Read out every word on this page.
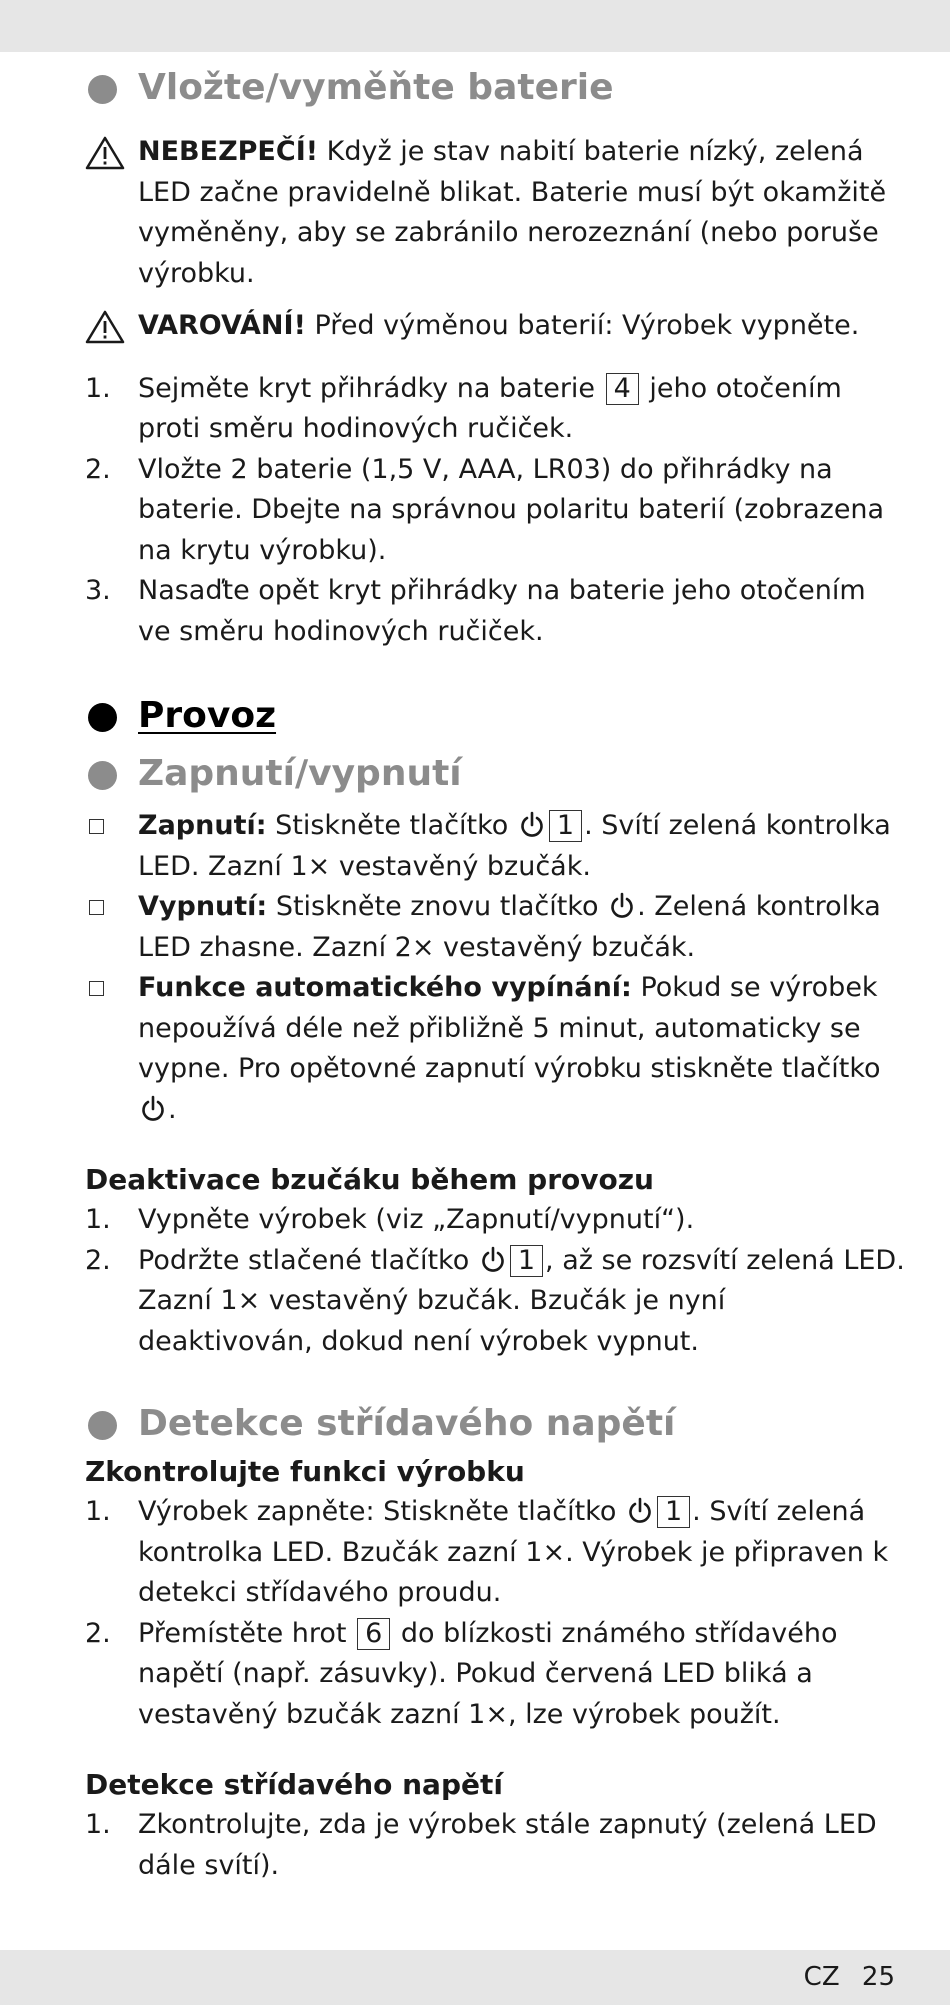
Vložte/vyměňte baterie
NEBEZPEČÍ! Když je stav nabití baterie nízký, zelená LED začne pravidelně blikat. Baterie musí být okamžitě vyměněny, aby se zabránilo nerozeznání (nebo poruše výrobku.
VAROVÁNÍ! Před výměnou baterií: Výrobek vypněte.
1. Sejměte kryt přihrádky na baterie 4 jeho otočením proti směru hodinových ručiček.
2. Vložte 2 baterie (1,5 V, AAA, LR03) do přihrádky na baterie. Dbejte na správnou polaritu baterií (zobrazena na krytu výrobku).
3. Nasaďte opět kryt přihrádky na baterie jeho otočením ve směru hodinových ručiček.
Provoz
Zapnutí/vypnutí
Zapnutí: Stiskněte tlačítko 1 . Svítí zelená kontrolka LED. Zazní 1× vestavěný bzučák.
Vypnutí: Stiskněte znovu tlačítko . Zelená kontrolka LED zhasne. Zazní 2× vestavěný bzučák.
Funkce automatického vypínání: Pokud se výrobek nepoužívá déle než přibližně 5 minut, automaticky se vypne. Pro opětovné zapnutí výrobku stiskněte tlačítko .
Deaktivace bzučáku během provozu
1. Vypněte výrobek (viz „Zapnutí/vypnutí“).
2. Podržte stlačené tlačítko 1 , až se rozsvítí zelená LED. Zazní 1× vestavěný bzučák. Bzučák je nyní deaktivován, dokud není výrobek vypnut.
Detekce střídavého napětí
Zkontrolujte funkci výrobku
1. Výrobek zapněte: Stiskněte tlačítko 1 . Svítí zelená kontrolka LED. Bzučák zazní 1×. Výrobek je připraven k detekci střídavého proudu.
2. Přemístěte hrot 6 do blízkosti známého střídavého napětí (např. zásuvky). Pokud červená LED bliká a vestavěný bzučák zazní 1×, lze výrobek použít.
Detekce střídavého napětí
1. Zkontrolujte, zda je výrobek stále zapnutý (zelená LED dále svítí).
CZ 25
